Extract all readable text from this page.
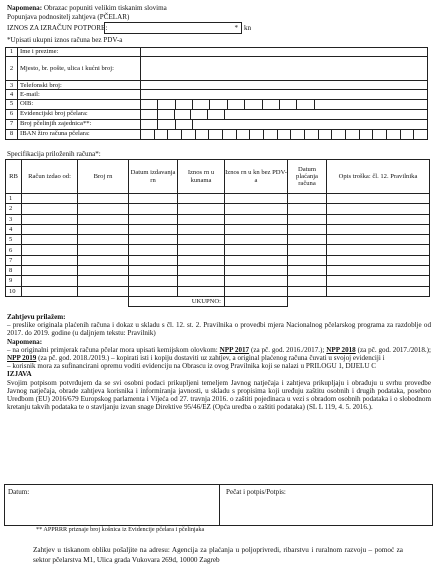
Napomena: Obrazac popuniti velikim tiskanim slovima
Popunjava podnositelj zahtjeva (PČELAR)
IZNOS ZA IZRAČUN POTPORE:	* kn
*Upisati ukupni iznos računa bez PDV-a
1	Ime i prezime:	
2	Mjesto, br. pošte, ulica i kućni broj:	
3	Telefonski broj:	
4	E-mail:	
5	OIB:	

6	Evidencijski broj pčelara:	

7	Broj pčelinjih zajednica**:	

8	IBAN žiro računa pčelara:	
Specifikacija priloženih računa*:
RB	Račun izdao od:	Broj rn	Datum izdavanja rn	Iznos rn u kunama	Iznos rn u kn bez PDV-a	Datum plaćanja računa	Opis troška: čl. 12. Pravilnika
1							
2							
3							
4							
5							
6							
7							
8							
9							
10							
			UKUPNO:				
Zahtjevu prilažem:
– preslike originala plaćenih računa i dokaz u skladu s čl. 12. st. 2. Pravilnika o provedbi mjera Nacionalnog pčelarskog programa za razdoblje od 2017. do 2019. godine (u daljnjem tekstu: Pravilnik)
Napomena:
– na originalni primjerak računa pčelar mora upisati kemijskom olovkom: NPP 2017 (za pč. god. 2016./2017.); NPP 2018 (za pč. god. 2017./2018.); NPP 2019 (za pč. god. 2018./2019.) – kopirati isti i kopiju dostaviti uz zahtjev, a original plaćenog računa čuvati u svojoj evidenciji i
– korisnik mora za sufinancirani opremu voditi evidenciju na Obrascu iz ovog Pravilnika koji se nalazi u PRILOGU 1, DIJELU C
IZJAVA
Svojim potpisom potvrđujem da se svi osobni podaci prikupljeni temeljem Javnog natječaja i zahtjeva prikupljaju i obrađuju u svrhu provedbe Javnog natječaja, obrade zahtjeva korisnika i informiranja javnosti, u skladu s propisima koji uređuju zaštitu osobnih i drugih podataka, posebno Uredbom (EU) 2016/679 Europskog parlamenta i Vijeća od 27. travnja 2016. o zaštiti pojedinaca u vezi s obradom osobnih podataka i o slobodnom kretanju takvih podataka te o stavljanju izvan snage Direktive 95/46/EZ (Opća uredba o zaštiti podataka) (SL L 119, 4. 5. 2016.).
Datum:	Pečat i potpis/Potpis:
** APPRRR priznaje broj košnica iz Evidencije pčelara i pčelinjaka
Zahtjev u tiskanom obliku pošaljite na adresu: Agencija za plaćanja u poljoprivredi, ribarstvu i ruralnom razvoju – pomoć za sektor pčelarstva M1, Ulica grada Vukovara 269d, 10000 Zagreb
